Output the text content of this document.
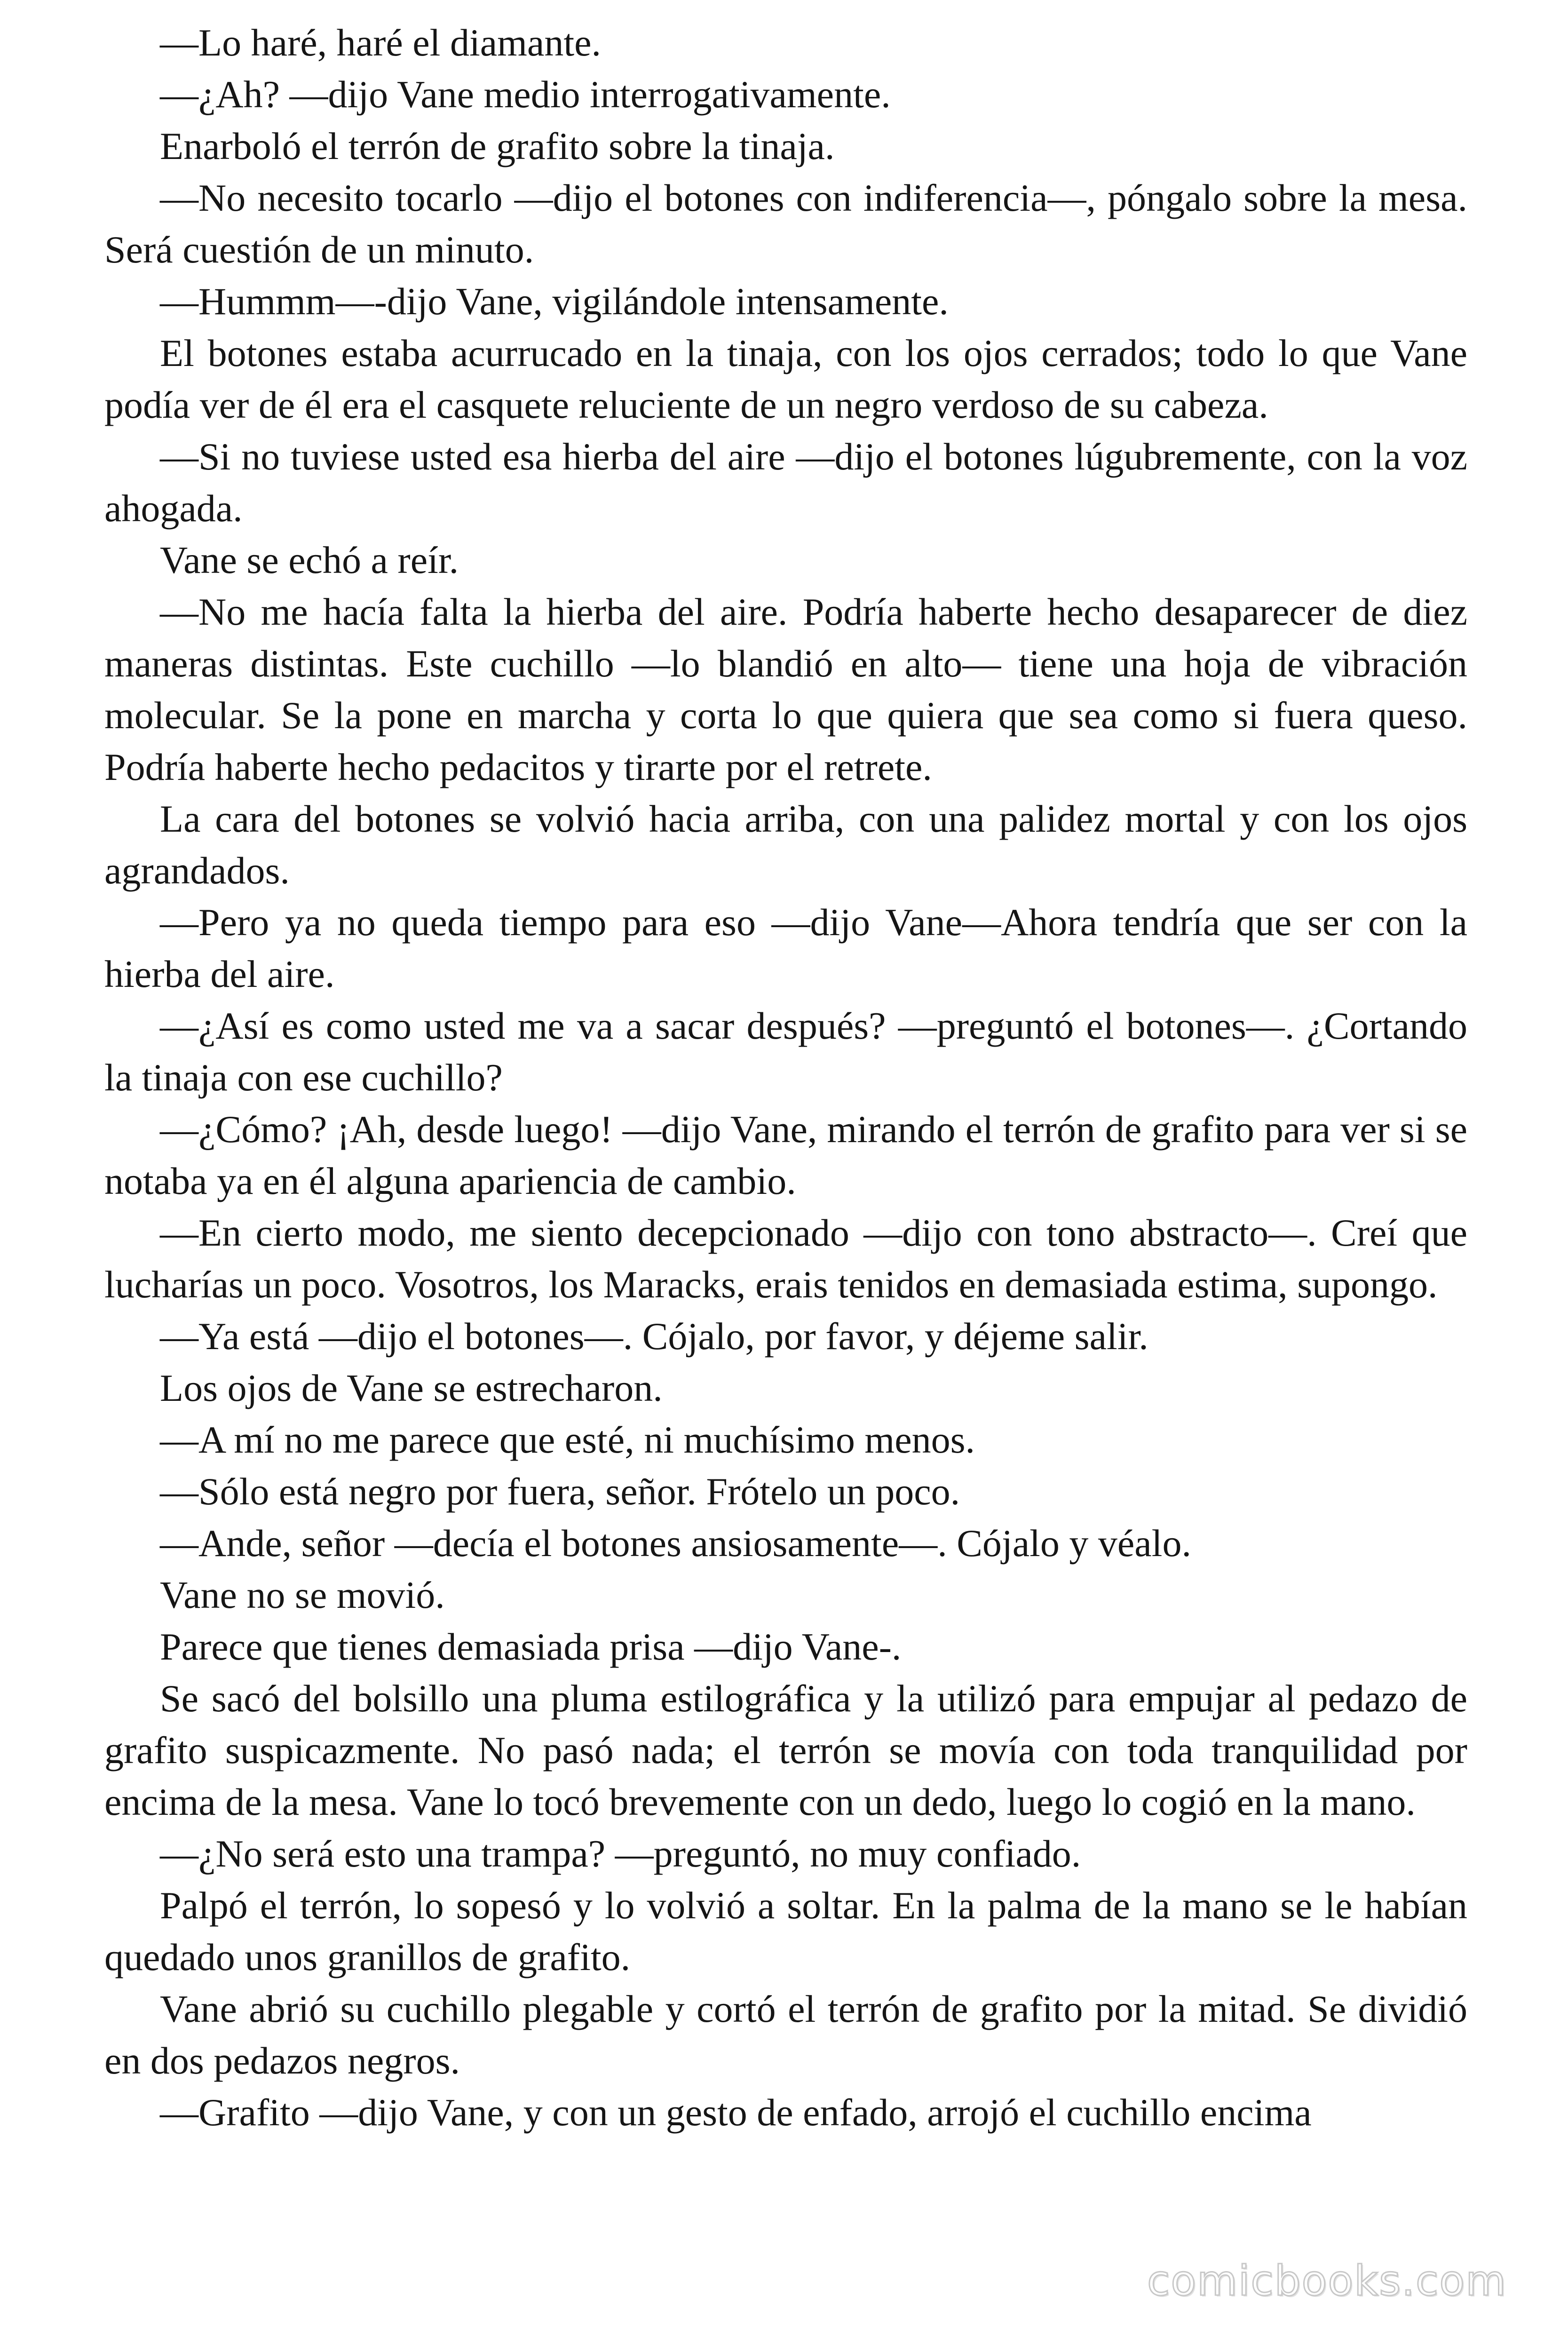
—Lo haré, haré el diamante.

—¿Ah? —dijo Vane medio interrogativamente.

Enarboló el terrón de grafito sobre la tinaja.

—No necesito tocarlo —dijo el botones con indiferencia—, póngalo sobre la mesa. Será cuestión de un minuto.

—Hummm—-dijo Vane, vigilándole intensamente.

El botones estaba acurrucado en la tinaja, con los ojos cerrados; todo lo que Vane podía ver de él era el casquete reluciente de un negro verdoso de su cabeza.

—Si no tuviese usted esa hierba del aire —dijo el botones lúgubremente, con la voz ahogada.

Vane se echó a reír.

—No me hacía falta la hierba del aire. Podría haberte hecho desaparecer de diez maneras distintas. Este cuchillo —lo blandió en alto— tiene una hoja de vibración molecular. Se la pone en marcha y corta lo que quiera que sea como si fuera queso. Podría haberte hecho pedacitos y tirarte por el retrete.

La cara del botones se volvió hacia arriba, con una palidez mortal y con los ojos agrandados.

—Pero ya no queda tiempo para eso —dijo Vane—Ahora tendría que ser con la hierba del aire.

—¿Así es como usted me va a sacar después? —preguntó el botones—. ¿Cortando la tinaja con ese cuchillo?

—¿Cómo? ¡Ah, desde luego! —dijo Vane, mirando el terrón de grafito para ver si se notaba ya en él alguna apariencia de cambio.

—En cierto modo, me siento decepcionado —dijo con tono abstracto—. Creí que lucharías un poco. Vosotros, los Maracks, erais tenidos en demasiada estima, supongo.

—Ya está —dijo el botones—. Cójalo, por favor, y déjeme salir.

Los ojos de Vane se estrecharon.

—A mí no me parece que esté, ni muchísimo menos.

—Sólo está negro por fuera, señor. Frótelo un poco.

—Ande, señor —decía el botones ansiosamente—. Cójalo y véalo.

Vane no se movió.

Parece que tienes demasiada prisa —dijo Vane-.

Se sacó del bolsillo una pluma estilográfica y la utilizó para empujar al pedazo de grafito suspicazmente. No pasó nada; el terrón se movía con toda tranquilidad por encima de la mesa. Vane lo tocó brevemente con un dedo, luego lo cogió en la mano.

—¿No será esto una trampa? —preguntó, no muy confiado.

Palpó el terrón, lo sopesó y lo volvió a soltar. En la palma de la mano se le habían quedado unos granillos de grafito.

Vane abrió su cuchillo plegable y cortó el terrón de grafito por la mitad. Se dividió en dos pedazos negros.

—Grafito —dijo Vane, y con un gesto de enfado, arrojó el cuchillo encima

comicbooks.com
